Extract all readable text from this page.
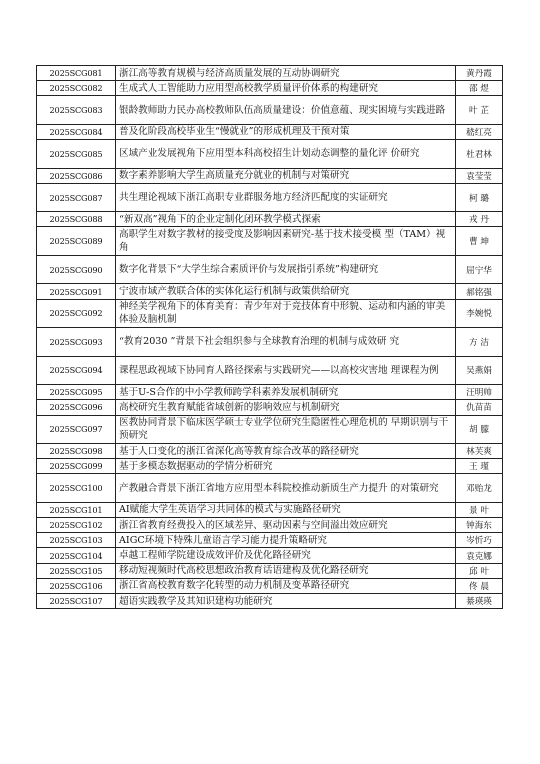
2025SCG081	浙江高等教育规模与经济高质量发展的互动协调研究	黄丹霞
2025SCG082	生成式人工智能助力应用型高校教学质量评价体系的构建研究	邵 煜
2025SCG083	银龄教师助力民办高校教师队伍高质量建设：价值意蕴、现实困境与实践进路	叶 芷
2025SCG084	普及化阶段高校毕业生“慢就业”的形成机理及干预对策	嵇红亮
2025SCG085	区域产业发展视角下应用型本科高校招生计划动态调整的量化评 价研究	杜君林
2025SCG086	数字素养影响大学生高质量充分就业的机制与对策研究	袁莹莹
2025SCG087	共生理论视域下浙江高职专业群服务地方经济匹配度的实证研究	柯 璐
2025SCG088	“新双高”视角下的企业定制化闭环教学模式探索	戎 丹
2025SCG089	高职学生对数字教材的接受度及影响因素研究-基于技术接受模 型（TAM）视角	曹 坤
2025SCG090	数字化背景下“大学生综合素质评价与发展指引系统”构建研究	屈宁华
2025SCG091	宁波市域产教联合体的实体化运行机制与政策供给研究	郝铭强
2025SCG092	神经美学视角下的体育美育：青少年对于竞技体育中形貌、运动和内涵的审美体验及脑机制	李婉悦
2025SCG093	“教育2030 ”背景下社会组织参与全球教育治理的机制与成效研 究	方 洁
2025SCG094	课程思政视域下协同育人路径探索与实践研究——以高校灾害地 理课程为例	吴燕娟
2025SCG095	基于U-S合作的中小学教师跨学科素养发展机制研究	汪明帅
2025SCG096	高校研究生教育赋能省域创新的影响效应与机制研究	仇苗苗
2025SCG097	医教协同背景下临床医学硕士专业学位研究生隐匿性心理危机的 早期识别与干预研究	胡 朦
2025SCG098	基于人口变化的浙江省深化高等教育综合改革的路径研究	林芙爽
2025SCG099	基于多模态数据驱动的学情分析研究	王 瑾
2025SCG100	产教融合背景下浙江省地方应用型本科院校推动新质生产力提升 的对策研究	邓贻龙
2025SCG101	AI赋能大学生英语学习共同体的模式与实施路径研究	景 叶
2025SCG102	浙江省教育经费投入的区域差异、驱动因素与空间溢出效应研究	钟海东
2025SCG103	AIGC环境下特殊儿童语言学习能力提升策略研究	岑忻巧
2025SCG104	卓越工程师学院建设成效评价及优化路径研究	袁克娜
2025SCG105	移动短视频时代高校思想政治教育话语建构及优化路径研究	邱 叶
2025SCG106	浙江省高校教育数字化转型的动力机制及变革路径研究	佟 晨
2025SCG107	超语实践教学及其知识建构功能研究	綦瑛瑛
